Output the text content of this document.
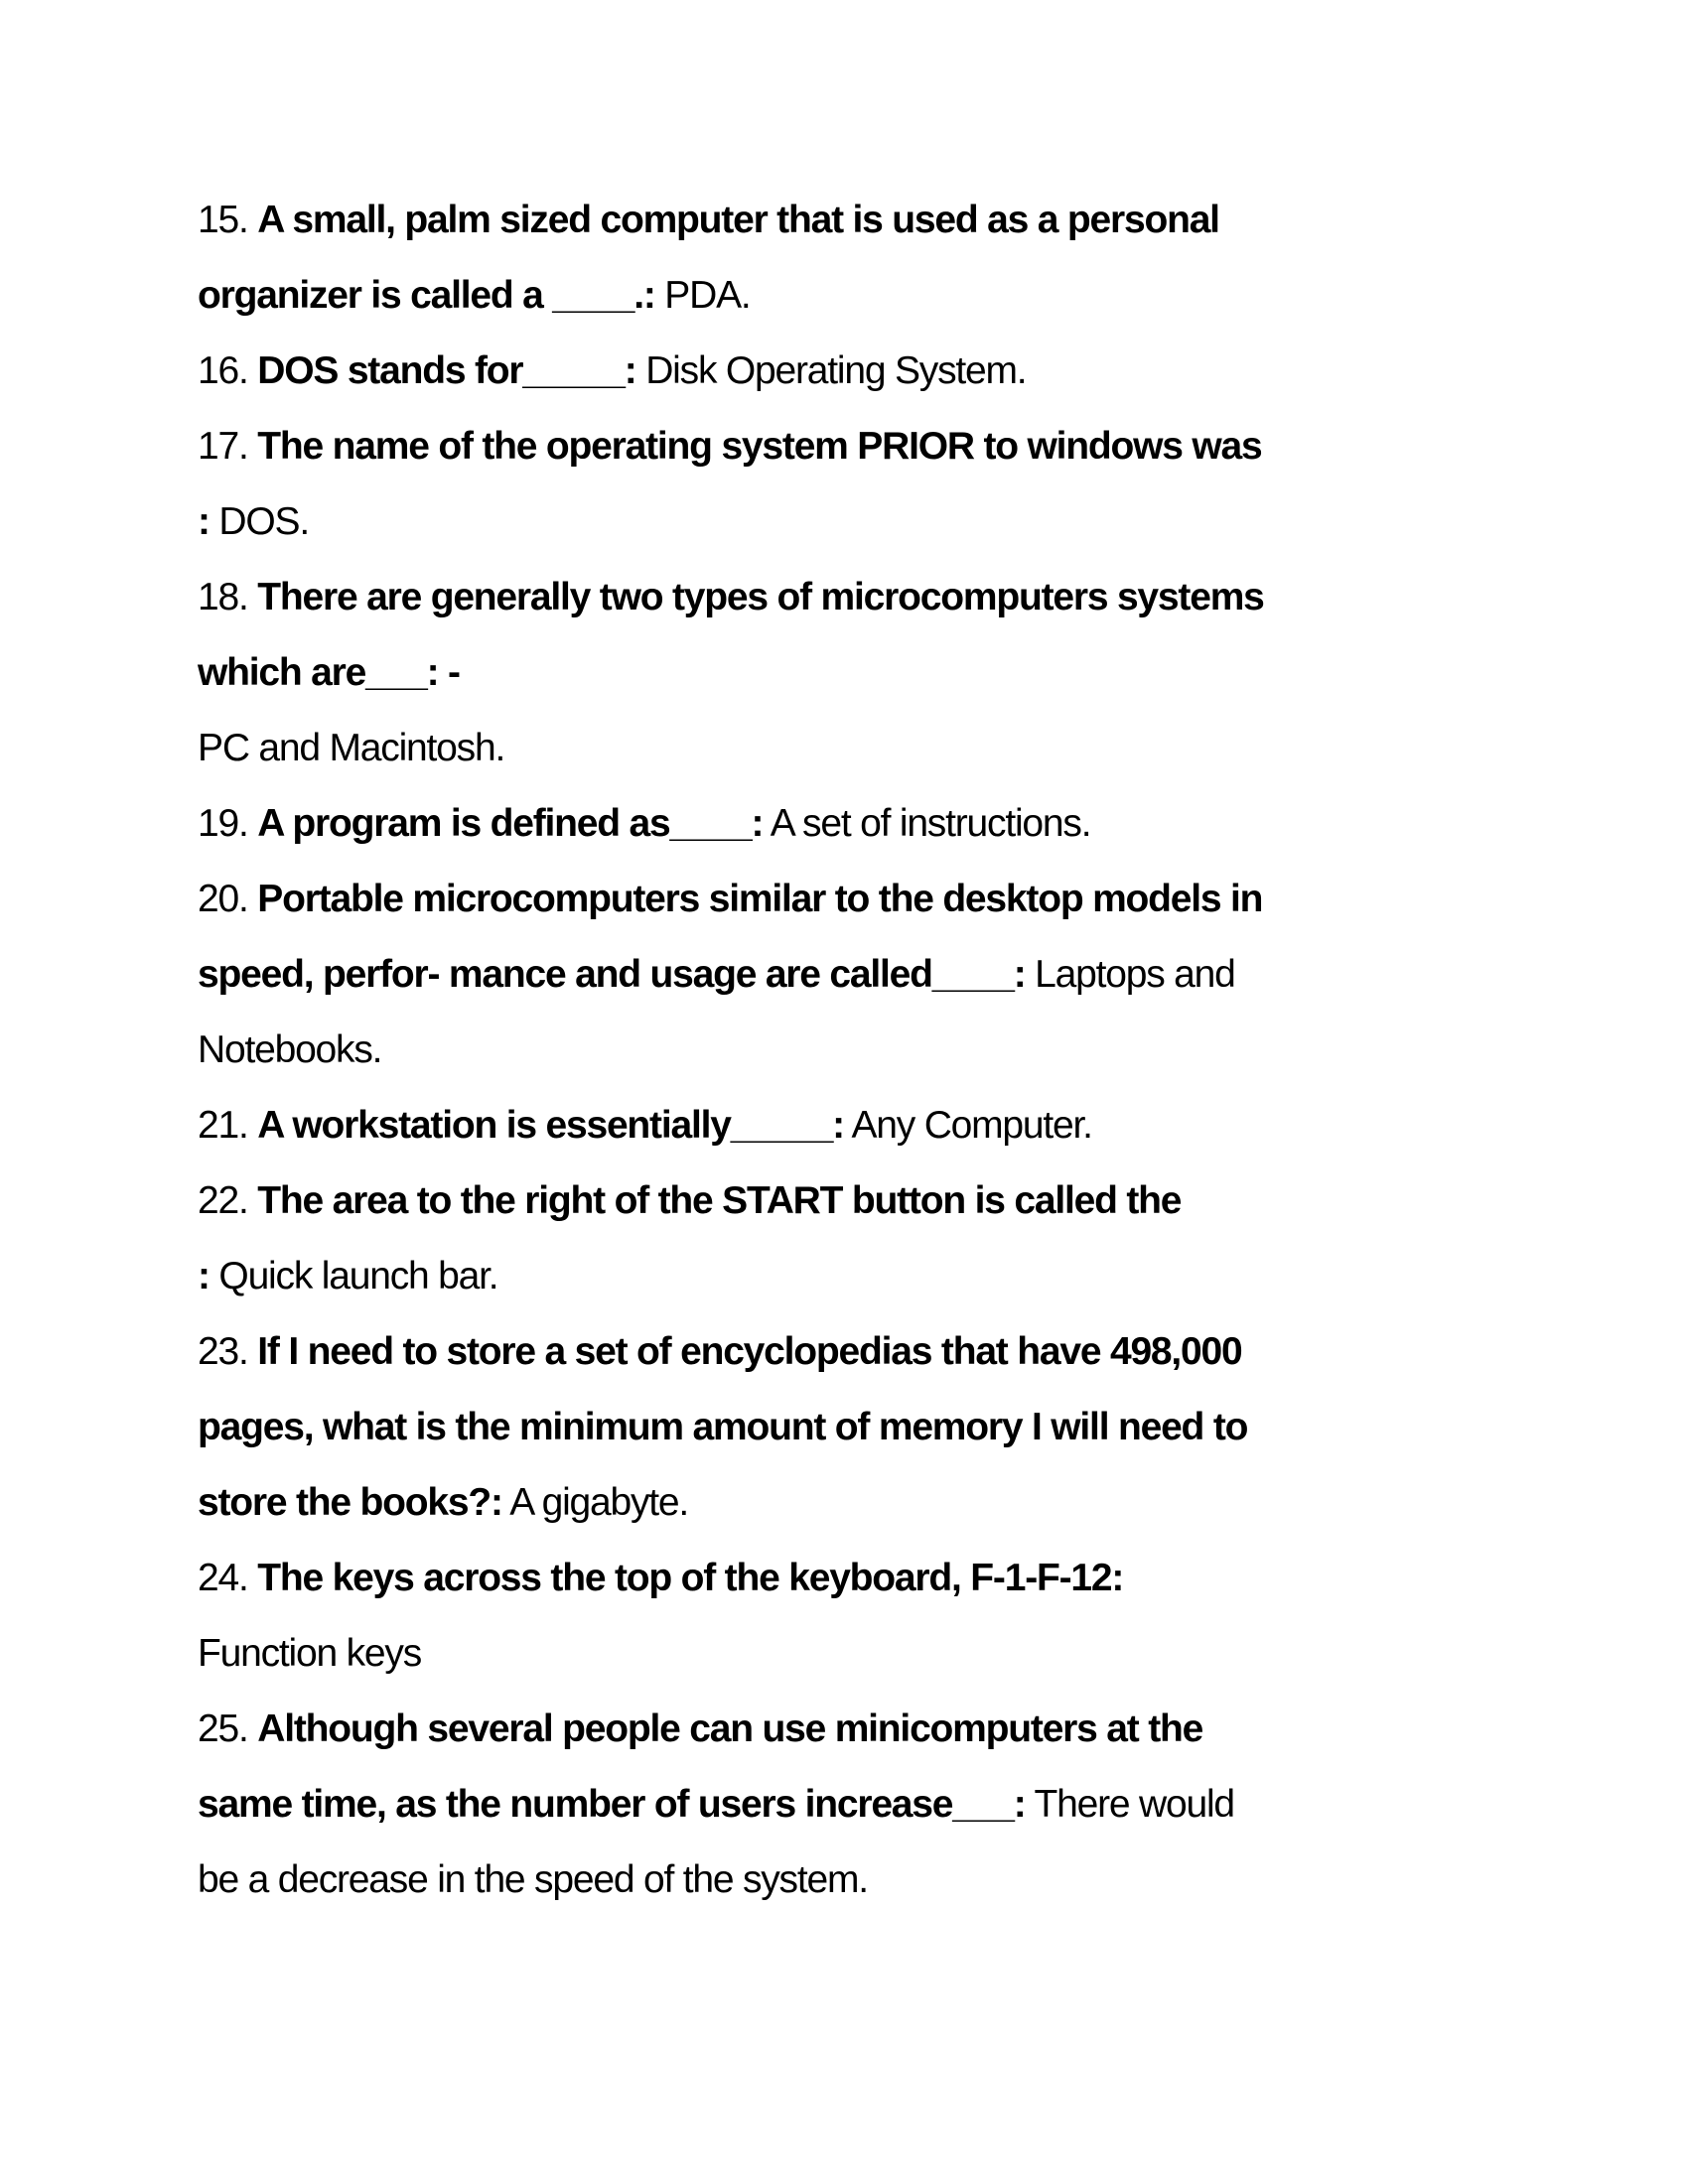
15. A small, palm sized computer that is used as a personal
organizer is called a ____.: PDA.
16. DOS stands for_____: Disk Operating System.
17. The name of the operating system PRIOR to windows was
: DOS.
18. There are generally two types of microcomputers systems
which are___: -
PC and Macintosh.
19. A program is defined as____: A set of instructions.
20. Portable microcomputers similar to the desktop models in
speed, perfor- mance and usage are called____: Laptops and
Notebooks.
21. A workstation is essentially_____: Any Computer.
22. The area to the right of the START button is called the
: Quick launch bar.
23. If I need to store a set of encyclopedias that have 498,000
pages, what is the minimum amount of memory I will need to
store the books?: A gigabyte.
24. The keys across the top of the keyboard, F-1-F-12:
Function keys
25. Although several people can use minicomputers at the
same time, as the number of users increase___: There would
be a decrease in the speed of the system.
